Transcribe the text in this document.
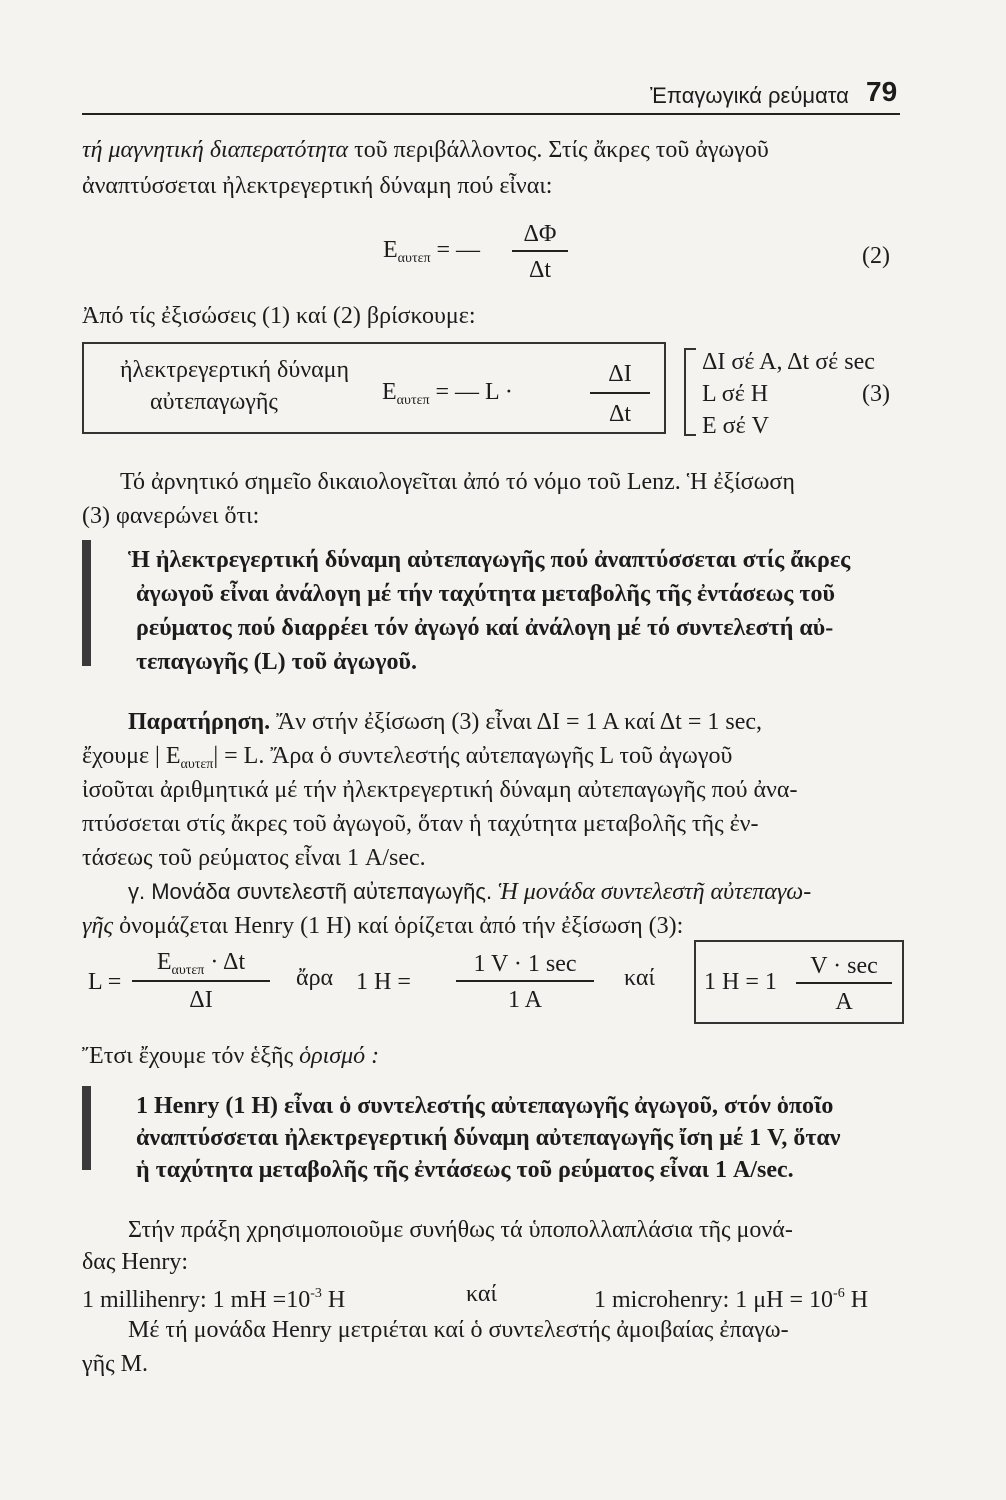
Ἐπαγωγικά ρεύματα 79
τή μαγνητική διαπερατότητα τοῦ περιβάλλοντος. Στίς ἄκρες τοῦ ἀγωγοῦ
ἀναπτύσσεται ἠλεκτρεγερτική δύναμη πού εἶναι:
$E_{\alpha\upsilon\tau\varepsilon\pi}$ = —
ΔΦ
Δt
(2)
Ἀπό τίς ἐξισώσεις (1) καί (2) βρίσκουμε:
ἠλεκτρεγερτική δύναμη
αὐτεπαγωγῆς	$E_{\alpha\upsilon\tau\varepsilon\pi}$ = — L ·
ΔΙ
Δt
ΔΙ σέ Α, Δt σέ sec
L σέ H	(3)
E σέ V
Τό ἀρνητικό σημεῖο δικαιολογεῖται ἀπό τό νόμο τοῦ Lenz. Ἡ ἐξίσωση
(3) φανερώνει ὅτι:
Ἡ ἠλεκτρεγερτική δύναμη αὐτεπαγωγῆς πού ἀναπτύσσεται στίς ἄκρες
ἀγωγοῦ εἶναι ἀνάλογη μέ τήν ταχύτητα μεταβολῆς τῆς ἐντάσεως τοῦ
ρεύματος πού διαρρέει τόν ἀγωγό καί ἀνάλογη μέ τό συντελεστή αὐ-
τεπαγωγῆς (L) τοῦ ἀγωγοῦ.
Παρατήρηση. Ἄν στήν ἐξίσωση (3) εἶναι ΔΙ = 1 Α καί Δt = 1 sec,
ἔχουμε | $E_{\alpha\upsilon\tau\varepsilon\pi}| = L$. Ἄρα ὁ συντελεστής αὐτεπαγωγῆς L τοῦ ἀγωγοῦ
ἰσοῦται ἀριθμητικά μέ τήν ἠλεκτρεγερτική δύναμη αὐτεπαγωγῆς πού ἀνα-
πτύσσεται στίς ἄκρες τοῦ ἀγωγοῦ, ὅταν ἡ ταχύτητα μεταβολῆς τῆς ἐν-
τάσεως τοῦ ρεύματος εἶναι 1 A/sec.
γ. Μονάδα συντελεστῆ αὐτεπαγωγῆς. Ἡ μονάδα συντελεστῆ αὐτεπαγω-
γῆς ὀνομάζεται Henry (1 H) καί ὁρίζεται ἀπό τήν ἐξίσωση (3):
L =
$E_{\alpha\upsilon\tau\varepsilon\pi} \cdot \Delta t$
ΔΙ
ἄρα 1 H =
1 V · 1 sec
1 A
καί 1 H = 1
V · sec
A
Ἔτσι ἔχουμε τόν ἑξῆς ὁρισμό :
1 Henry (1 H) εἶναι ὁ συντελεστής αὐτεπαγωγῆς ἀγωγοῦ, στόν ὁποῖο
ἀναπτύσσεται ἠλεκτρεγερτική δύναμη αὐτεπαγωγῆς ἴση μέ 1 V, ὅταν
ἡ ταχύτητα μεταβολῆς τῆς ἐντάσεως τοῦ ρεύματος εἶναι 1 A/sec.
Στήν πράξη χρησιμοποιοῦμε συνήθως τά ὑποπολλαπλάσια τῆς μονά-
δας Henry:
1 millihenry: 1 mH $=10^{-3}$ H	καί	1 microhenry: 1 $\mu H = 10^{-6}$ H
Μέ τή μονάδα Henry μετριέται καί ὁ συντελεστής ἀμοιβαίας ἐπαγω-
γῆς M.
